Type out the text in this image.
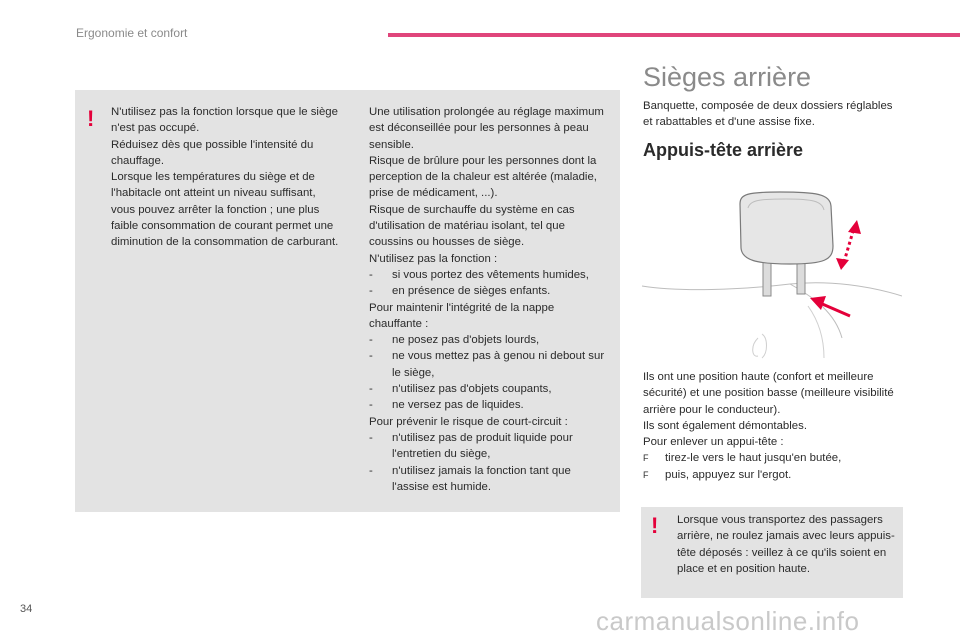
Ergonomie et confort
! N'utilisez pas la fonction lorsque que le siège n'est pas occupé.

Réduisez dès que possible l'intensité du chauffage.

Lorsque les températures du siège et de l'habitacle ont atteint un niveau suffisant, vous pouvez arrêter la fonction ; une plus faible consommation de courant permet une diminution de la consommation de carburant.

Une utilisation prolongée au réglage maximum est déconseillée pour les personnes à peau sensible.

Risque de brûlure pour les personnes dont la perception de la chaleur est altérée (maladie, prise de médicament, ...).

Risque de surchauffe du système en cas d'utilisation de matériau isolant, tel que coussins ou housses de siège.

N'utilisez pas la fonction :

-	si vous portez des vêtements humides,
-	en présence de sièges enfants.

Pour maintenir l'intégrité de la nappe chauffante :

-	ne posez pas d'objets lourds,
-	ne vous mettez pas à genou ni debout sur le siège,
-	n'utilisez pas d'objets coupants,
-	ne versez pas de liquides.

Pour prévenir le risque de court-circuit :

-	n'utilisez pas de produit liquide pour l'entretien du siège,
-	n'utilisez jamais la fonction tant que l'assise est humide.
Sièges arrière
Banquette, composée de deux dossiers réglables et rabattables et d'une assise fixe.
Appuis-tête arrière

Ils ont une position haute (confort et meilleure sécurité) et une position basse (meilleure visibilité arrière pour le conducteur).

Ils sont également démontables.

Pour enlever un appui-tête :

F	tirez-le vers le haut jusqu'en butée,
F	puis, appuyez sur l'ergot.
! Lorsque vous transportez des passagers arrière, ne roulez jamais avec leurs appuis-tête déposés : veillez à ce qu'ils soient en place et en position haute.
34	carmanualsonline.info
